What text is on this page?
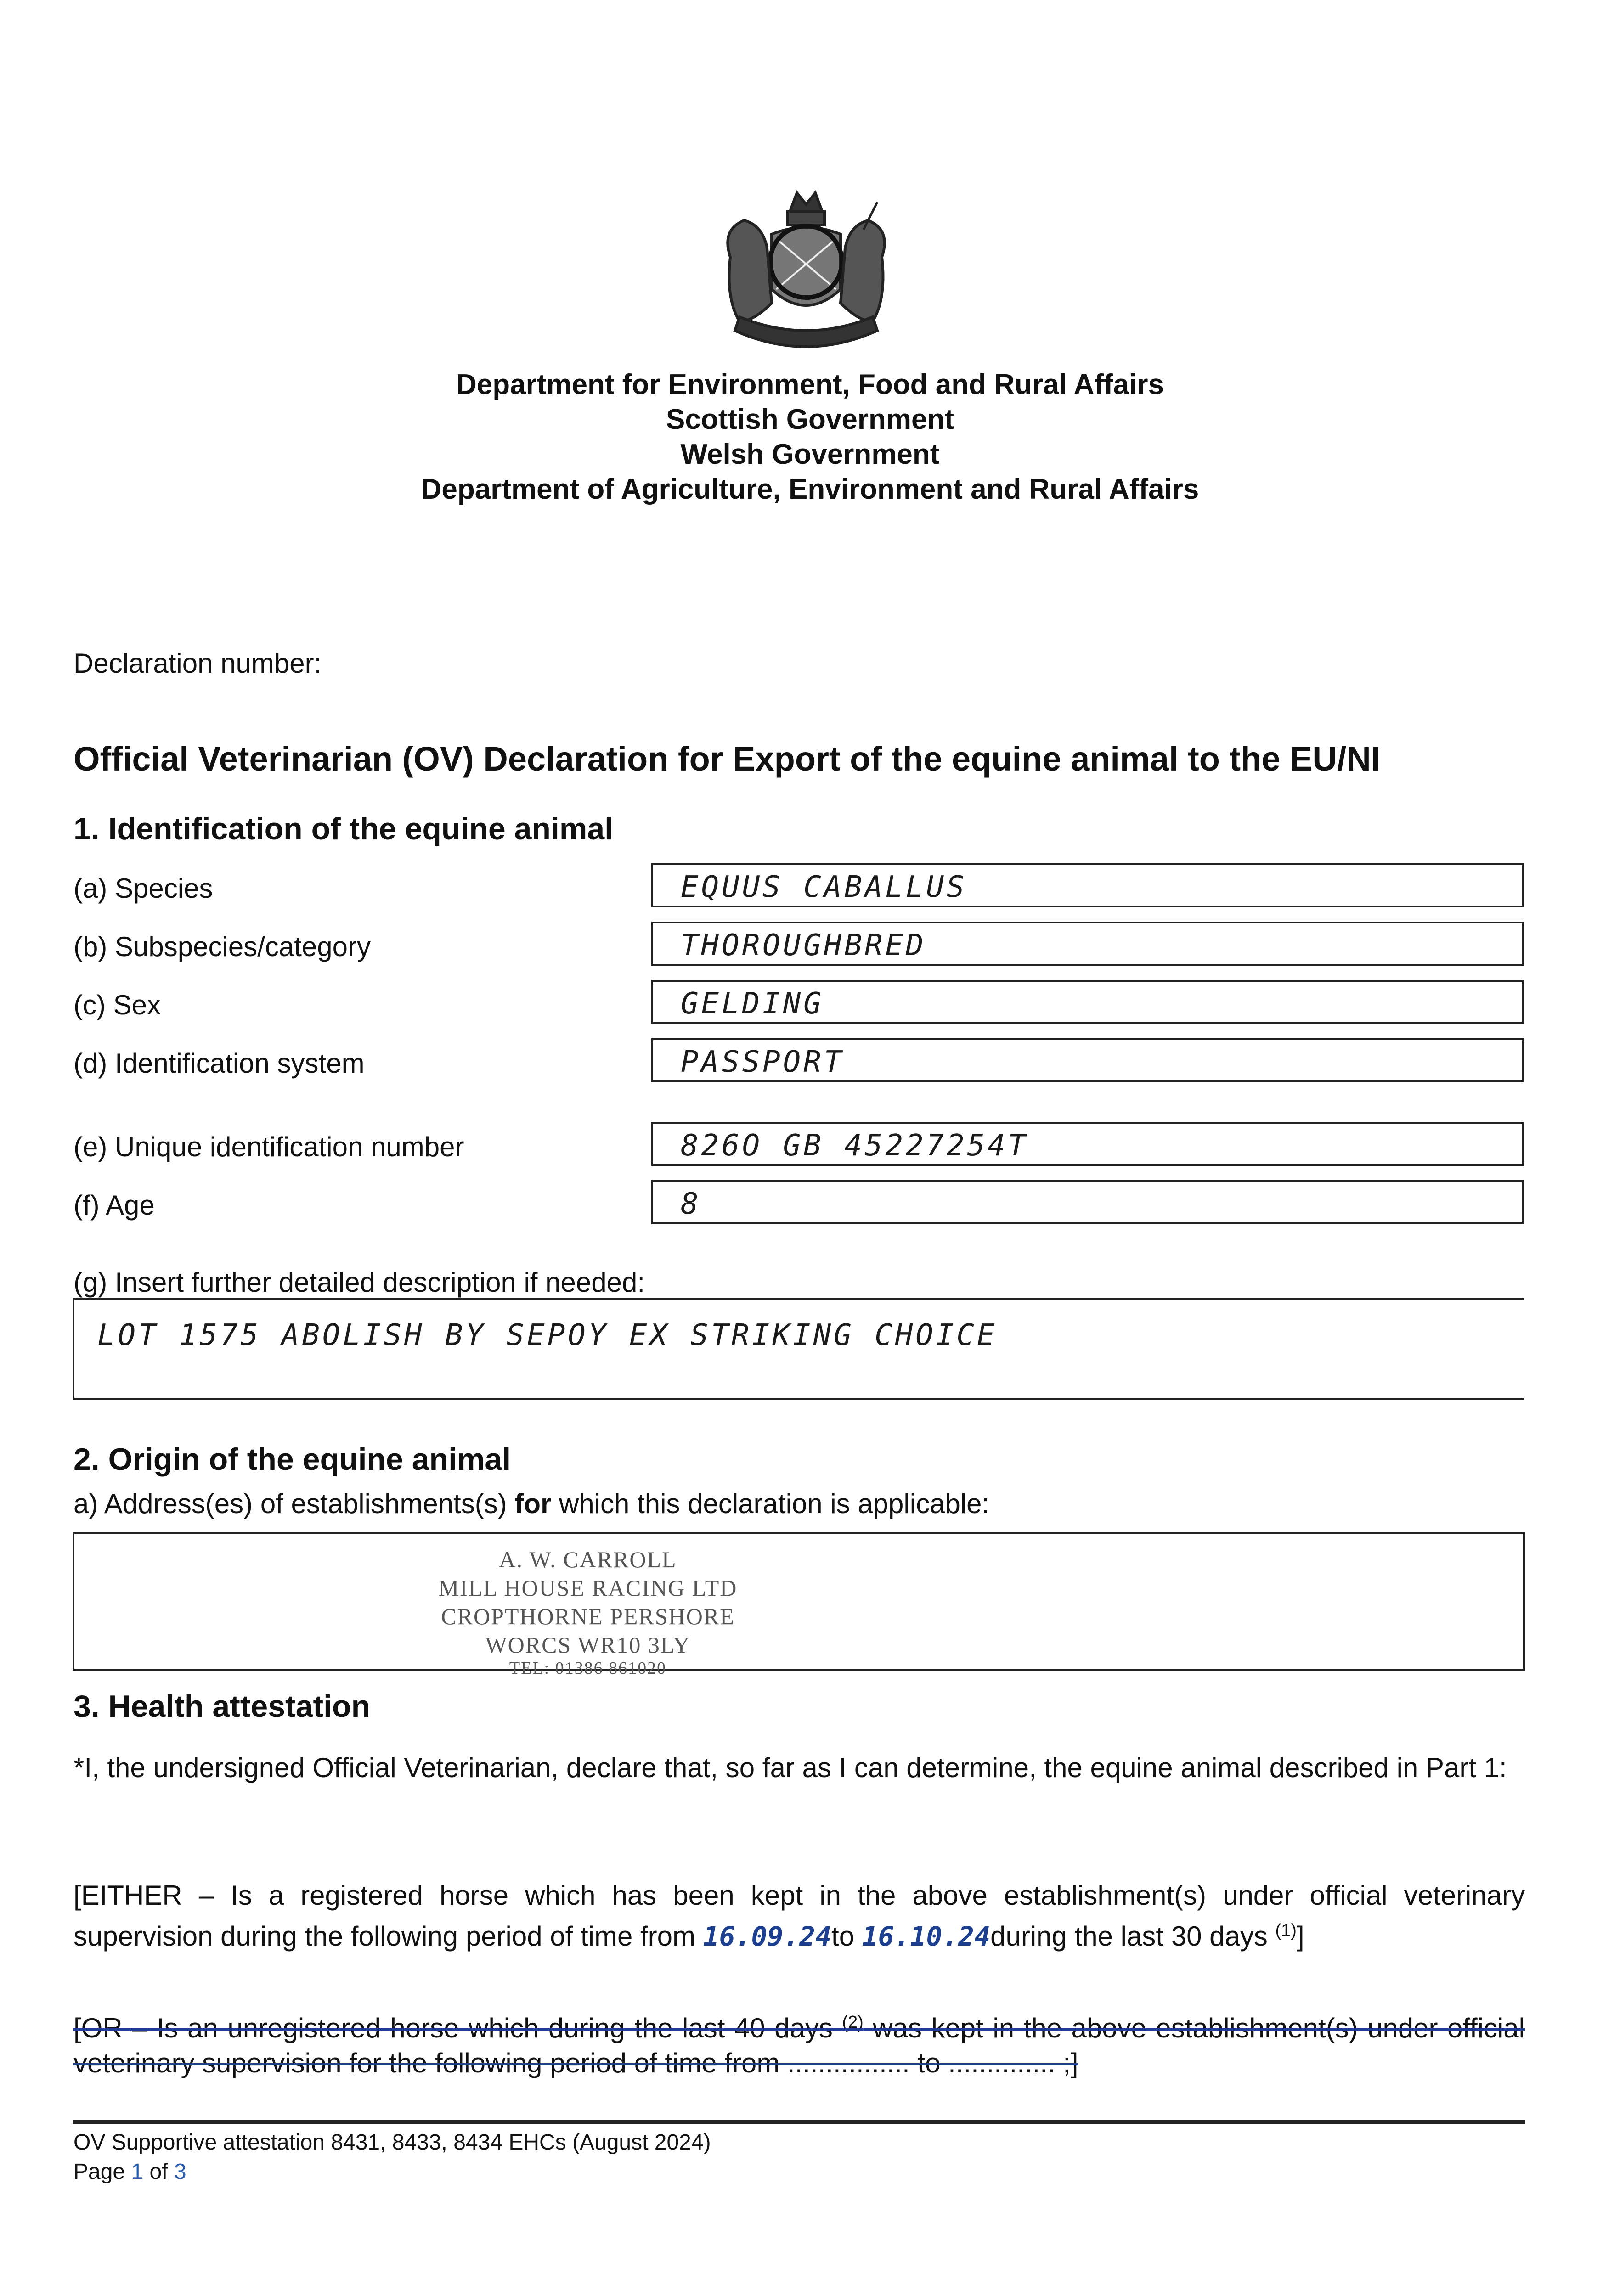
Department for Environment, Food and Rural Affairs
Scottish Government
Welsh Government
Department of Agriculture, Environment and Rural Affairs
Declaration number:
Official Veterinarian (OV) Declaration for Export of the equine animal to the EU/NI
1. Identification of the equine animal
(a) Species	EQUUS CABALLUS
(b) Subspecies/category	THOROUGHBRED
(c) Sex	GELDING
(d) Identification system	PASSPORT
(e) Unique identification number	826O GB 45227254T
(f) Age	8
(g) Insert further detailed description if needed:
LOT 1575 ABOLISH BY SEPOY EX STRIKING CHOICE
2. Origin of the equine animal
a) Address(es) of establishments(s) for which this declaration is applicable:
A. W. CARROLL
MILL HOUSE RACING LTD
CROPTHORNE PERSHORE
WORCS WR10 3LY
TEL: 01386 861020
3. Health attestation
*I, the undersigned Official Veterinarian, declare that, so far as I can determine, the equine animal described in Part 1:
[EITHER – Is a registered horse which has been kept in the above establishment(s) under official veterinary supervision during the following period of time from 16.09.24to 16.10.24during the last 30 days $^{(1)}$]
[OR – Is an unregistered horse which during the last 40 days $^{(2)}$ was kept in the above establishment(s) under official veterinary supervision for the following period of time from ................ to .............. ;]
OV Supportive attestation 8431, 8433, 8434 EHCs (August 2024)
Page 1 of 3
